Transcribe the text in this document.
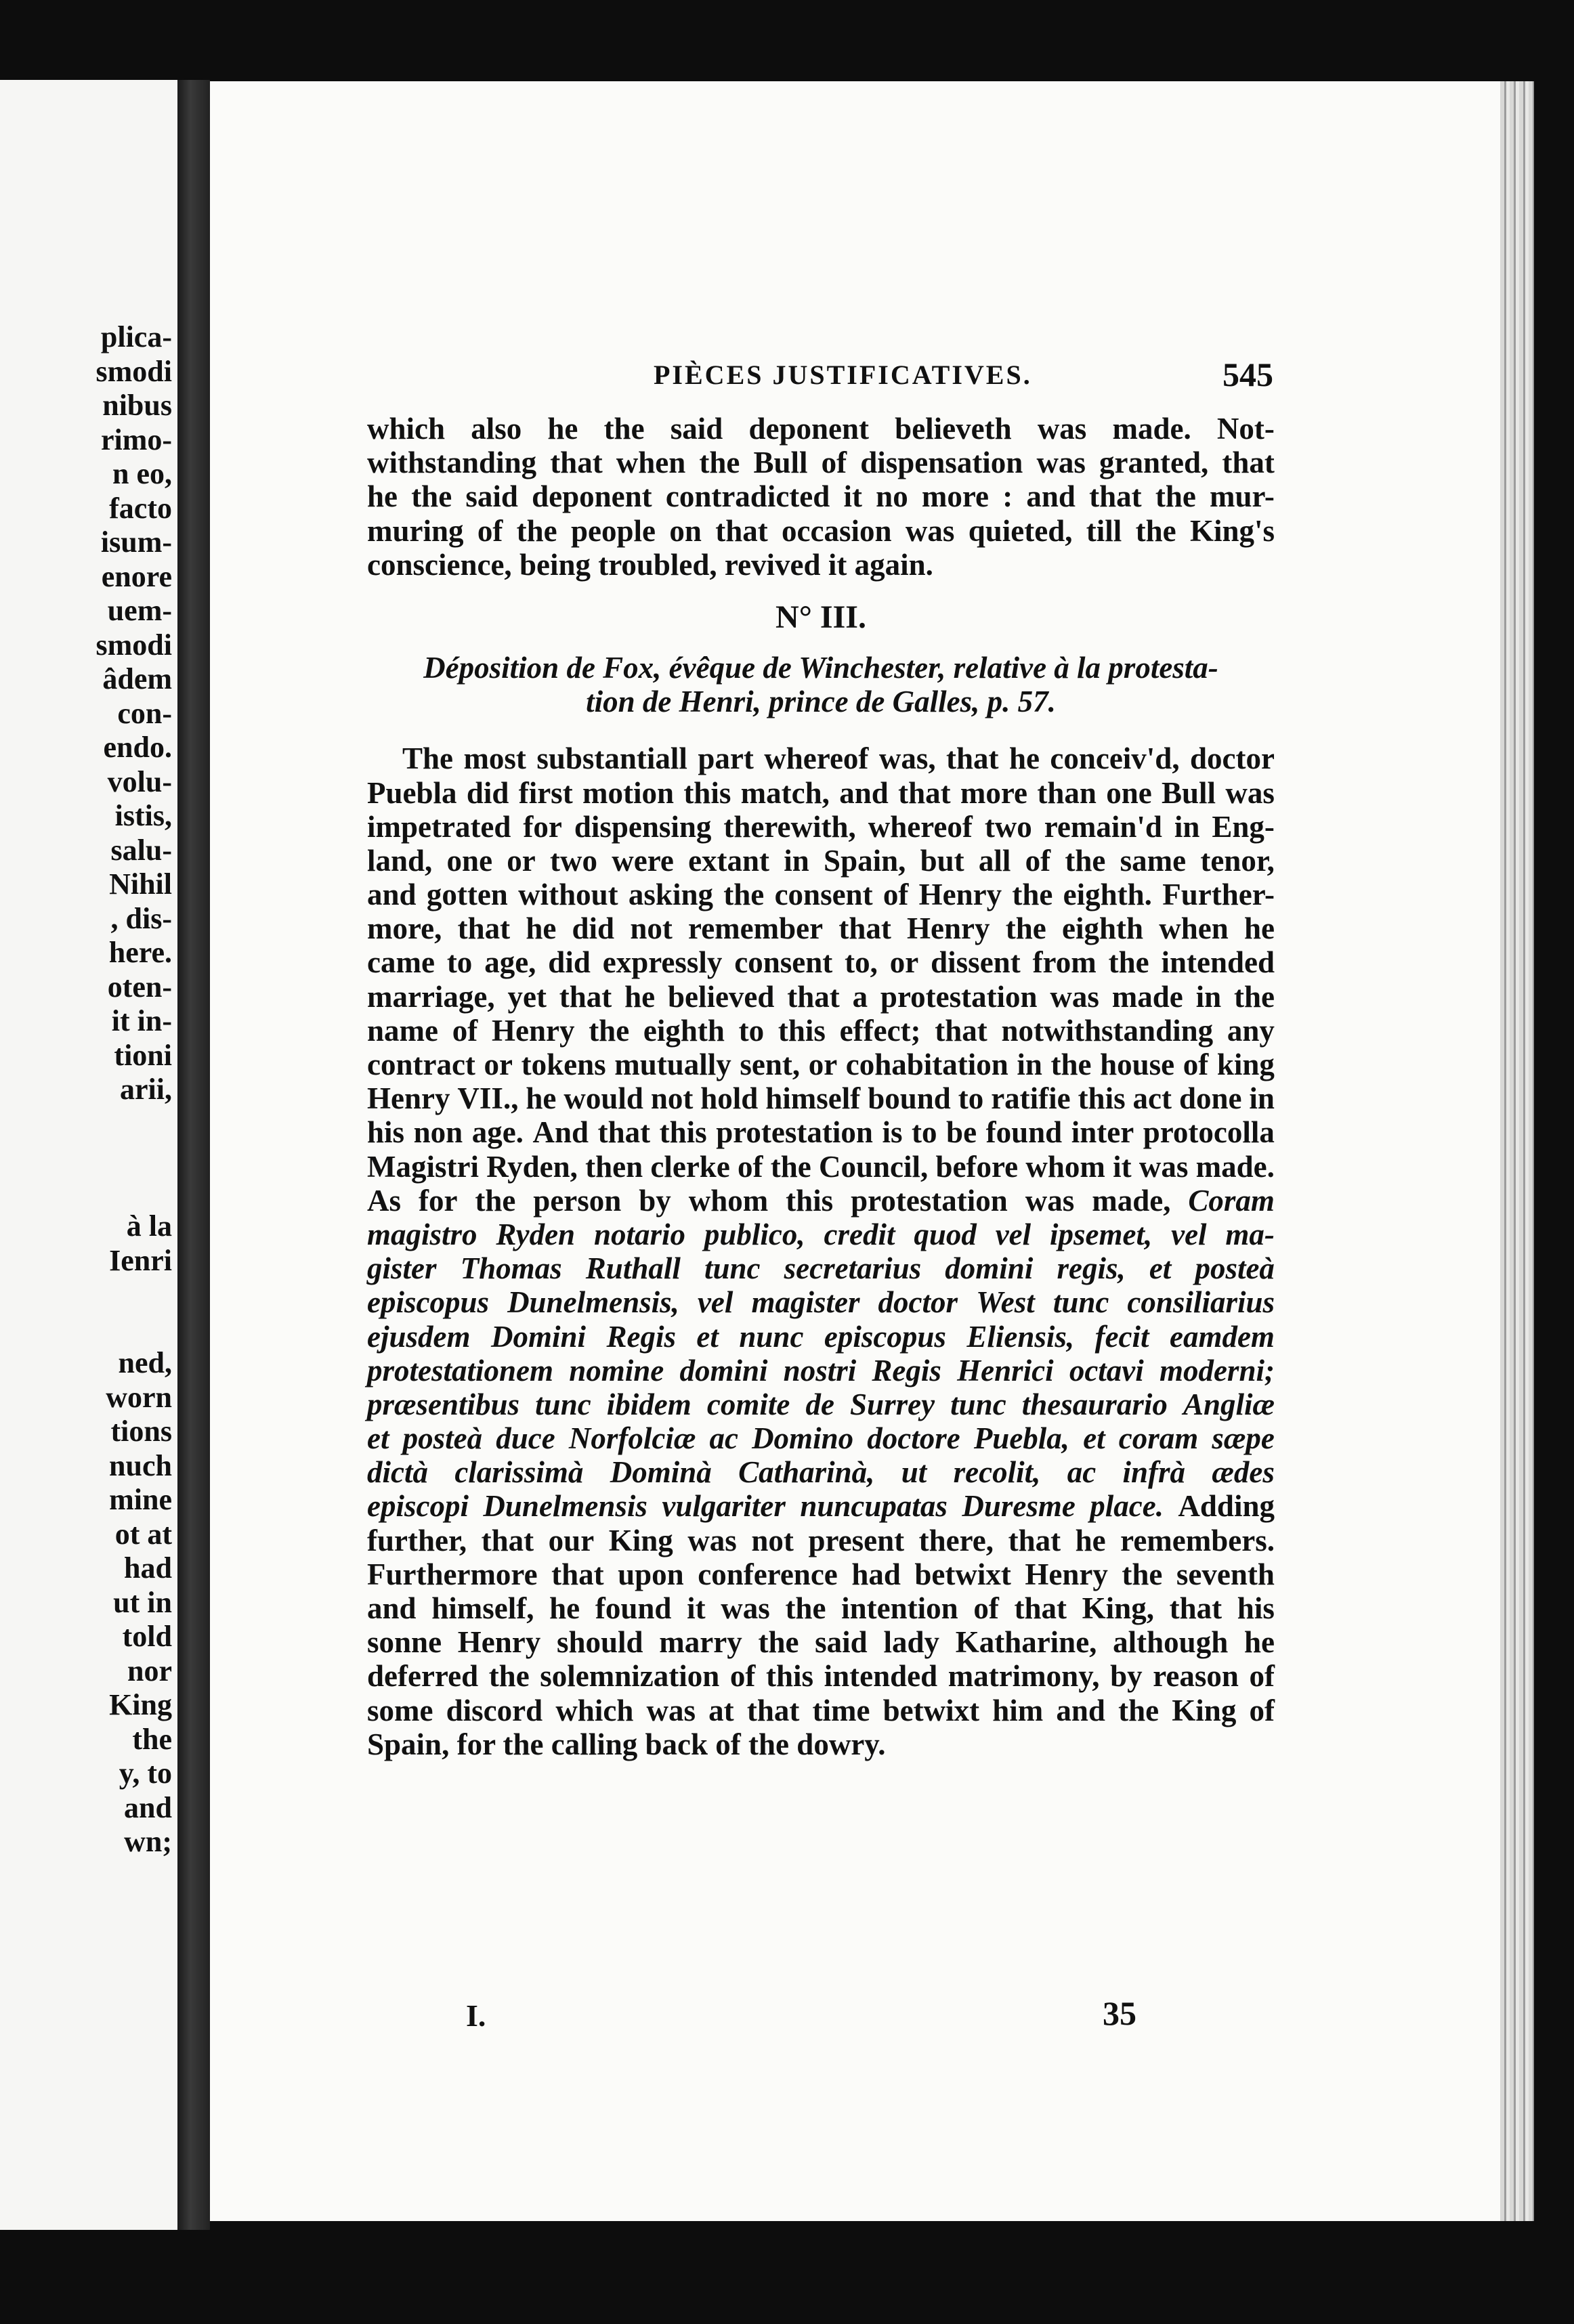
plica-
smodi
nibus
rimo-
n eo,
facto
isum-
enore
uem-
smodi
âdem
con-
endo.
volu-
istis,
salu-
Nihil
, dis-
here.
oten-
it in-
tioni
arii,
à la
Ienri
ned,
worn
tions
nuch
mine
ot at
had
ut in
told
nor
King
the
y, to
and
wn;
PIÈCES JUSTIFICATIVES.	545
which also he the said deponent believeth was made. Not-
withstanding that when the Bull of dispensation was granted, that
he the said deponent contradicted it no more : and that the mur-
muring of the people on that occasion was quieted, till the King's
conscience, being troubled, revived it again.
N° III.
Déposition de Fox, évêque de Winchester, relative à la protesta-
tion de Henri, prince de Galles, p. 57.
The most substantiall part whereof was, that he conceiv'd, doctor
Puebla did first motion this match, and that more than one Bull was
impetrated for dispensing therewith, whereof two remain'd in Eng-
land, one or two were extant in Spain, but all of the same tenor,
and gotten without asking the consent of Henry the eighth. Further-
more, that he did not remember that Henry the eighth when he
came to age, did expressly consent to, or dissent from the intended
marriage, yet that he believed that a protestation was made in the
name of Henry the eighth to this effect; that notwithstanding any
contract or tokens mutually sent, or cohabitation in the house of king
Henry VII., he would not hold himself bound to ratifie this act done in
his non age. And that this protestation is to be found inter protocolla
Magistri Ryden, then clerke of the Council, before whom it was made.
As for the person by whom this protestation was made, Coram
magistro Ryden notario publico, credit quod vel ipsemet, vel ma-
gister Thomas Ruthall tunc secretarius domini regis, et posteà
episcopus Dunelmensis, vel magister doctor West tunc consiliarius
ejusdem Domini Regis et nunc episcopus Eliensis, fecit eamdem
protestationem nomine domini nostri Regis Henrici octavi moderni;
præsentibus tunc ibidem comite de Surrey tunc thesaurario Angliæ
et posteà duce Norfolciæ ac Domino doctore Puebla, et coram sæpe
dictà clarissimà Dominà Catharinà, ut recolit, ac infrà ædes
episcopi Dunelmensis vulgariter nuncupatas Duresme place. Adding
further, that our King was not present there, that he remembers.
Furthermore that upon conference had betwixt Henry the seventh
and himself, he found it was the intention of that King, that his
sonne Henry should marry the said lady Katharine, although he
deferred the solemnization of this intended matrimony, by reason of
some discord which was at that time betwixt him and the King of
Spain, for the calling back of the dowry.
I.	35
